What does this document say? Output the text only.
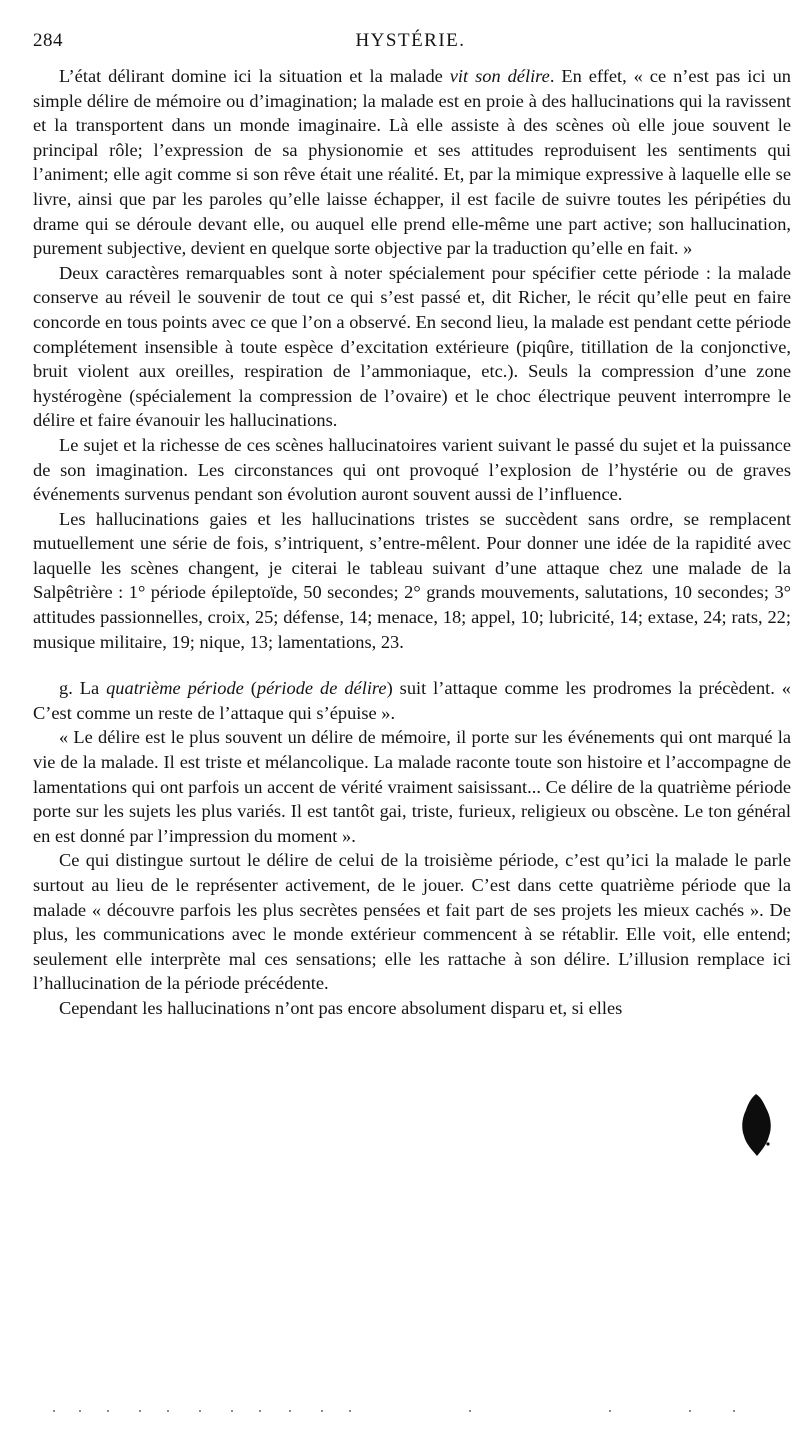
284	HYSTÉRIE.

L’état délirant domine ici la situation et la malade vit son délire. En effet, « ce n’est pas ici un simple délire de mémoire ou d’imagination; la malade est en proie à des hallucinations qui la ravissent et la transportent dans un monde imaginaire. Là elle assiste à des scènes où elle joue souvent le principal rôle; l’expression de sa physionomie et ses attitudes reproduisent les sentiments qui l’animent; elle agit comme si son rêve était une réalité. Et, par la mimique expressive à laquelle elle se livre, ainsi que par les paroles qu’elle laisse échapper, il est facile de suivre toutes les péripéties du drame qui se déroule devant elle, ou auquel elle prend elle-même une part active; son hallucination, purement subjective, devient en quelque sorte objective par la traduction qu’elle en fait. »

Deux caractères remarquables sont à noter spécialement pour spécifier cette période : la malade conserve au réveil le souvenir de tout ce qui s’est passé et, dit Richer, le récit qu’elle peut en faire concorde en tous points avec ce que l’on a observé. En second lieu, la malade est pendant cette période complétement insensible à toute espèce d’excitation extérieure (piqûre, titillation de la conjonctive, bruit violent aux oreilles, respiration de l’ammoniaque, etc.). Seuls la compression d’une zone hystérogène (spécialement la compression de l’ovaire) et le choc électrique peuvent interrompre le délire et faire évanouir les hallucinations.

Le sujet et la richesse de ces scènes hallucinatoires varient suivant le passé du sujet et la puissance de son imagination. Les circonstances qui ont provoqué l’explosion de l’hystérie ou de graves événements survenus pendant son évolution auront souvent aussi de l’influence.

Les hallucinations gaies et les hallucinations tristes se succèdent sans ordre, se remplacent mutuellement une série de fois, s’intriquent, s’entre-mêlent. Pour donner une idée de la rapidité avec laquelle les scènes changent, je citerai le tableau suivant d’une attaque chez une malade de la Salpêtrière : 1° période épileptoïde, 50 secondes; 2° grands mouvements, salutations, 10 secondes; 3° attitudes passionnelles, croix, 25; défense, 14; menace, 18; appel, 10; lubricité, 14; extase, 24; rats, 22; musique militaire, 19; nique, 13; lamentations, 23.

g. La quatrième période (période de délire) suit l’attaque comme les prodromes la précèdent. « C’est comme un reste de l’attaque qui s’épuise ».

« Le délire est le plus souvent un délire de mémoire, il porte sur les événements qui ont marqué la vie de la malade. Il est triste et mélancolique. La malade raconte toute son histoire et l’accompagne de lamentations qui ont parfois un accent de vérité vraiment saisissant... Ce délire de la quatrième période porte sur les sujets les plus variés. Il est tantôt gai, triste, furieux, religieux ou obscène. Le ton général en est donné par l’impression du moment ».

Ce qui distingue surtout le délire de celui de la troisième période, c’est qu’ici la malade le parle surtout au lieu de le représenter activement, de le jouer. C’est dans cette quatrième période que la malade « découvre parfois les plus secrètes pensées et fait part de ses projets les mieux cachés ». De plus, les communications avec le monde extérieur commencent à se rétablir. Elle voit, elle entend; seulement elle interprète mal ces sensations; elle les rattache à son délire. L’illusion remplace ici l’hallucination de la période précédente.

Cependant les hallucinations n’ont pas encore absolument disparu et, si elles
